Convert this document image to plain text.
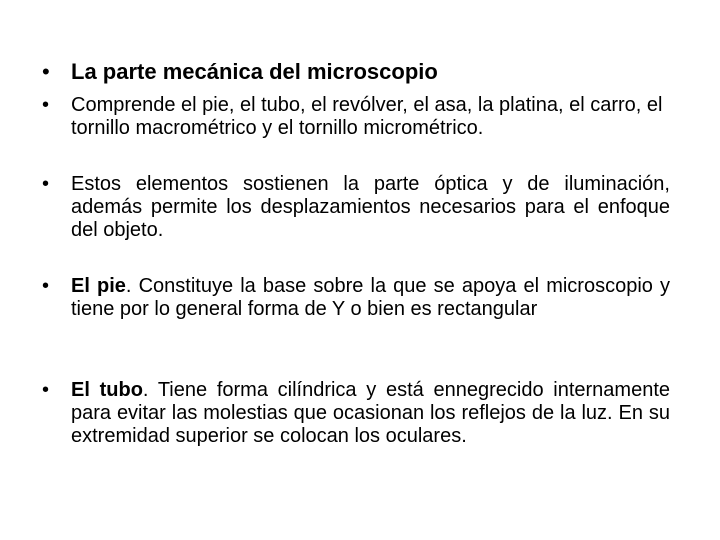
• La parte mecánica del microscopio
• Comprende el pie, el tubo, el revólver, el asa, la platina, el carro, el tornillo macrométrico y el tornillo micrométrico.
• Estos elementos sostienen la parte óptica y de iluminación, además permite los desplazamientos necesarios para el enfoque del objeto.
• El pie. Constituye la base sobre la que se apoya el microscopio y tiene por lo general forma de Y o bien es rectangular
• El tubo. Tiene forma cilíndrica y está ennegrecido internamente para evitar las molestias que ocasionan los reflejos de la luz. En su extremidad superior se colocan los oculares.
